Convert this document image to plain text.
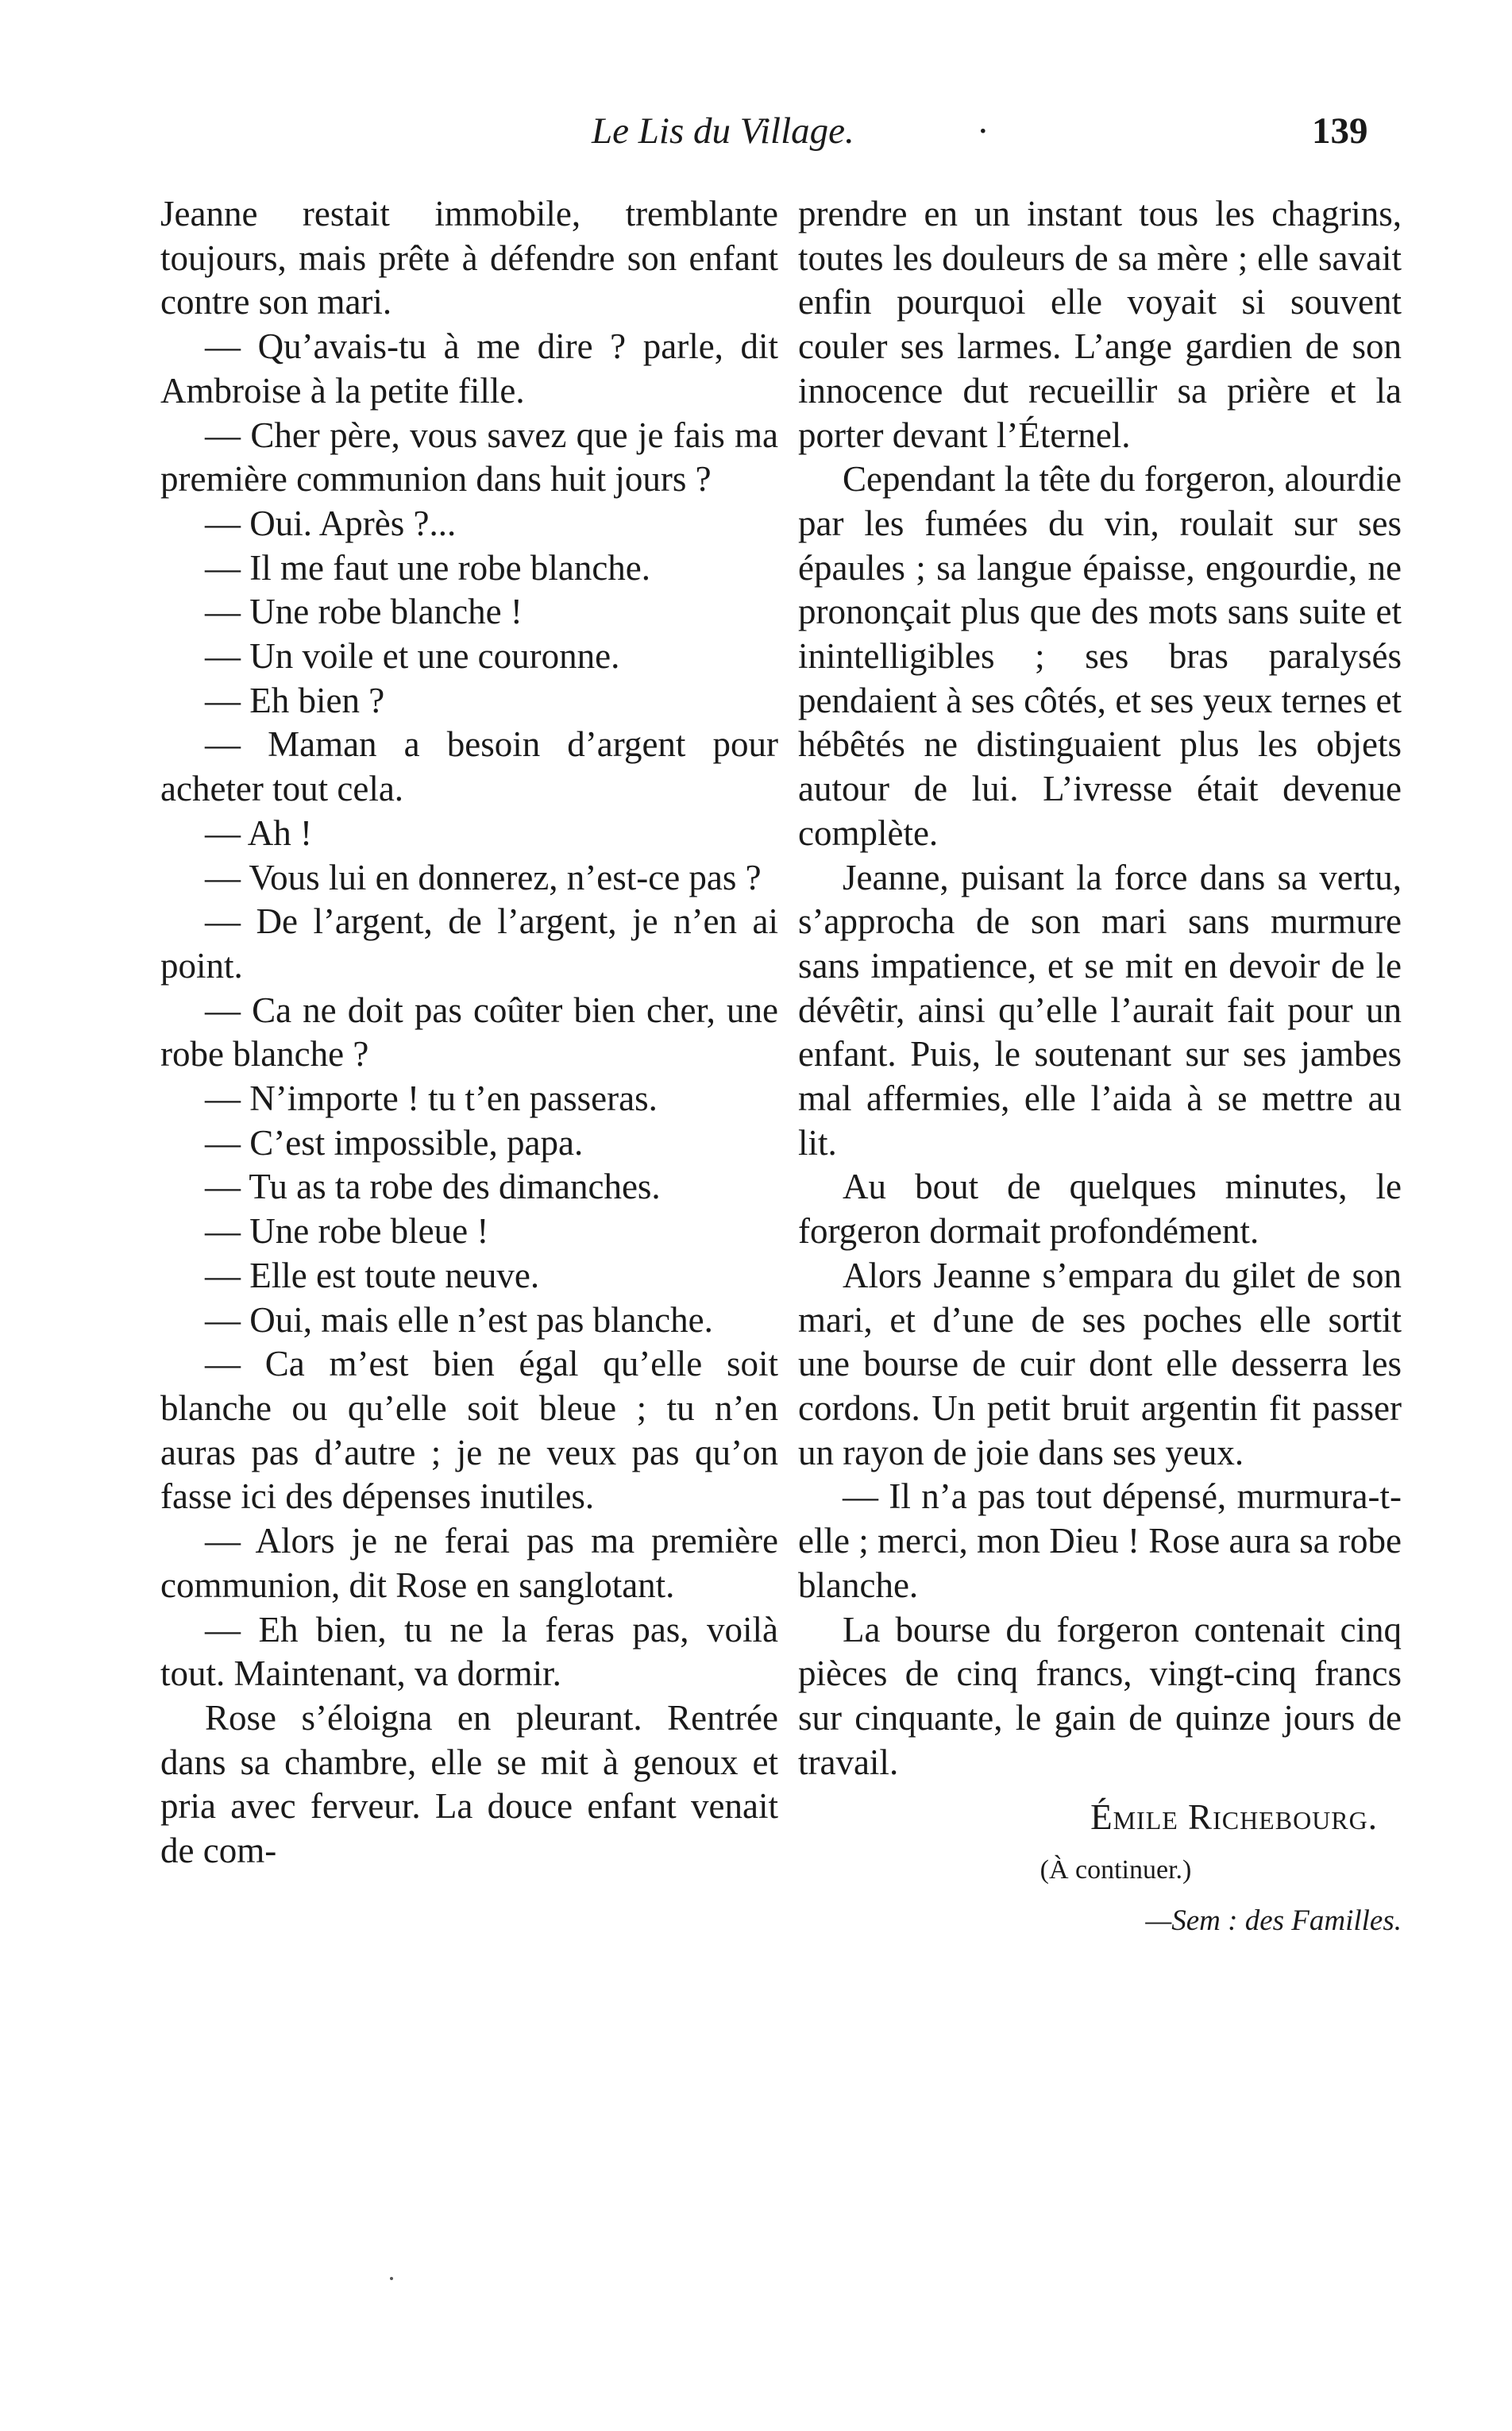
Le Lis du Village.	·	139

Jeanne restait immobile, tremblante toujours, mais prête à défendre son enfant contre son mari.

— Qu’avais-tu à me dire ? parle, dit Ambroise à la petite fille.

— Cher père, vous savez que je fais ma première communion dans huit jours ?

— Oui. Après ?...

— Il me faut une robe blanche.

— Une robe blanche !

— Un voile et une couronne.

— Eh bien ?

— Maman a besoin d’argent pour acheter tout cela.

— Ah !

— Vous lui en donnerez, n’est-ce pas ?

— De l’argent, de l’argent, je n’en ai point.

— Ca ne doit pas coûter bien cher, une robe blanche ?

— N’importe ! tu t’en passeras.

— C’est impossible, papa.

— Tu as ta robe des dimanches.

— Une robe bleue !

— Elle est toute neuve.

— Oui, mais elle n’est pas blanche.

— Ca m’est bien égal qu’elle soit blanche ou qu’elle soit bleue ; tu n’en auras pas d’autre ; je ne veux pas qu’on fasse ici des dépenses inutiles.

— Alors je ne ferai pas ma première communion, dit Rose en sanglotant.

— Eh bien, tu ne la feras pas, voilà tout. Maintenant, va dormir.

Rose s’éloigna en pleurant. Rentrée dans sa chambre, elle se mit à genoux et pria avec ferveur. La douce enfant venait de com-

prendre en un instant tous les chagrins, toutes les douleurs de sa mère ; elle savait enfin pourquoi elle voyait si souvent couler ses larmes. L’ange gardien de son innocence dut recueillir sa prière et la porter devant l’Éternel.

Cependant la tête du forgeron, alourdie par les fumées du vin, roulait sur ses épaules ; sa langue épaisse, engourdie, ne prononçait plus que des mots sans suite et inintelligibles ; ses bras paralysés pendaient à ses côtés, et ses yeux ternes et hébêtés ne distinguaient plus les objets autour de lui. L’ivresse était devenue complète.

Jeanne, puisant la force dans sa vertu, s’approcha de son mari sans murmure sans impatience, et se mit en devoir de le dévêtir, ainsi qu’elle l’aurait fait pour un enfant. Puis, le soutenant sur ses jambes mal affermies, elle l’aida à se mettre au lit.

Au bout de quelques minutes, le forgeron dormait profondément.

Alors Jeanne s’empara du gilet de son mari, et d’une de ses poches elle sortit une bourse de cuir dont elle desserra les cordons. Un petit bruit argentin fit passer un rayon de joie dans ses yeux.

— Il n’a pas tout dépensé, murmura-t-elle ; merci, mon Dieu ! Rose aura sa robe blanche.

La bourse du forgeron contenait cinq pièces de cinq francs, vingt-cinq francs sur cinquante, le gain de quinze jours de travail.

Émile Richebourg.

(À continuer.)

—Sem : des Familles.
